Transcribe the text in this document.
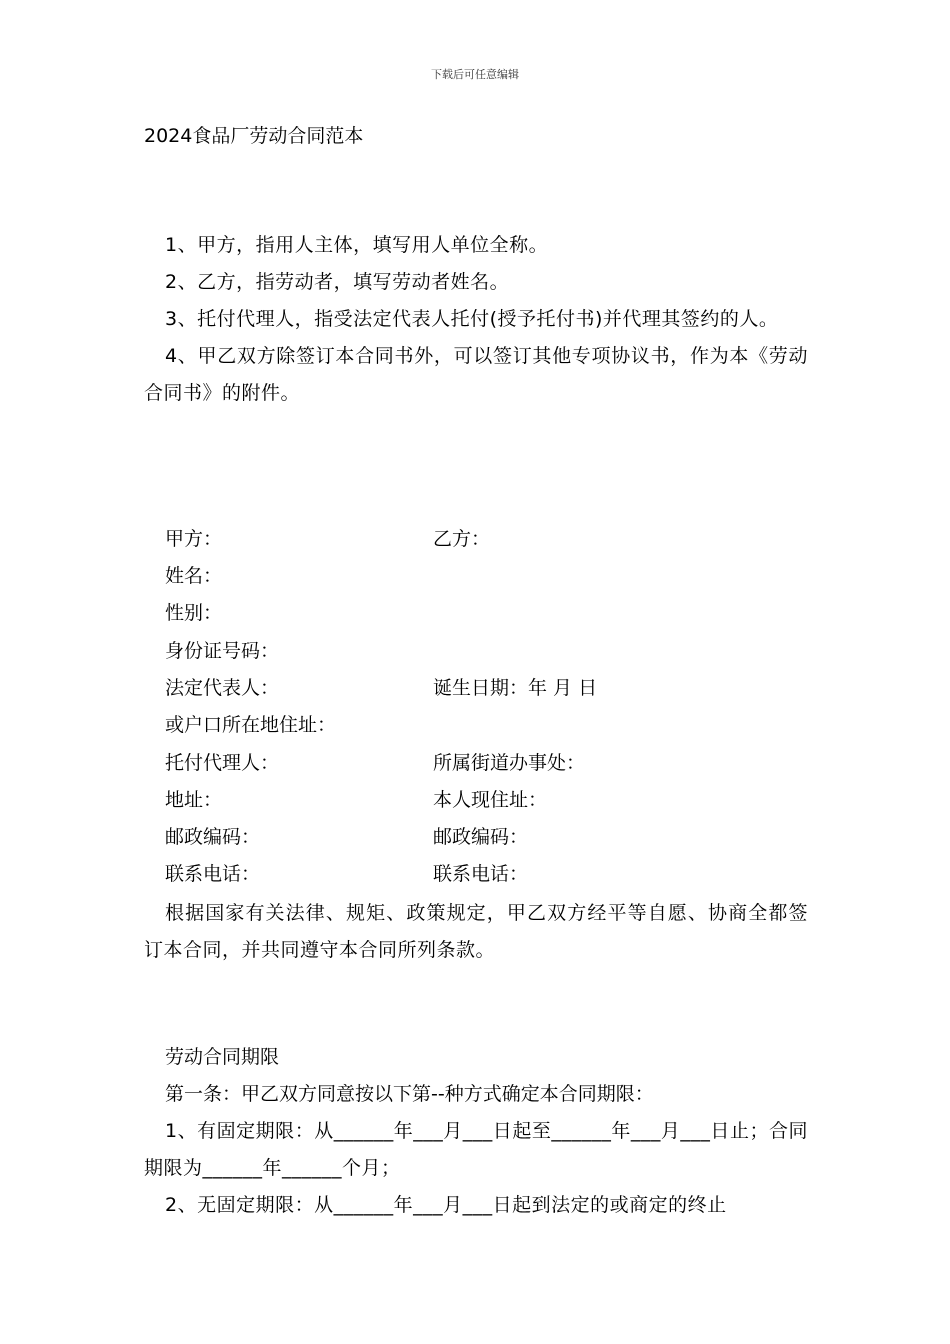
下载后可任意编辑
2024食品厂劳动合同范本

1、甲方，指用人主体，填写用人单位全称。

2、乙方，指劳动者，填写劳动者姓名。

3、托付代理人，指受法定代表人托付(授予托付书)并代理其签约的人。

4、甲乙双方除签订本合同书外，可以签订其他专项协议书，作为本《劳动合同书》的附件。

甲方：	乙方：
姓名：
性别：
身份证号码：
法定代表人：	诞生日期：年 月 日
或户口所在地住址：
托付代理人：	所属街道办事处：
地址：	本人现住址：
邮政编码：	邮政编码：
联系电话：	联系电话：

根据国家有关法律、规矩、政策规定，甲乙双方经平等自愿、协商全都签订本合同，并共同遵守本合同所列条款。

劳动合同期限
第一条：甲乙双方同意按以下第--种方式确定本合同期限：

1、有固定期限：从______年___月___日起至______年___月___日止；合同期限为______年______个月；

2、无固定期限：从______年___月___日起到法定的或商定的终止
